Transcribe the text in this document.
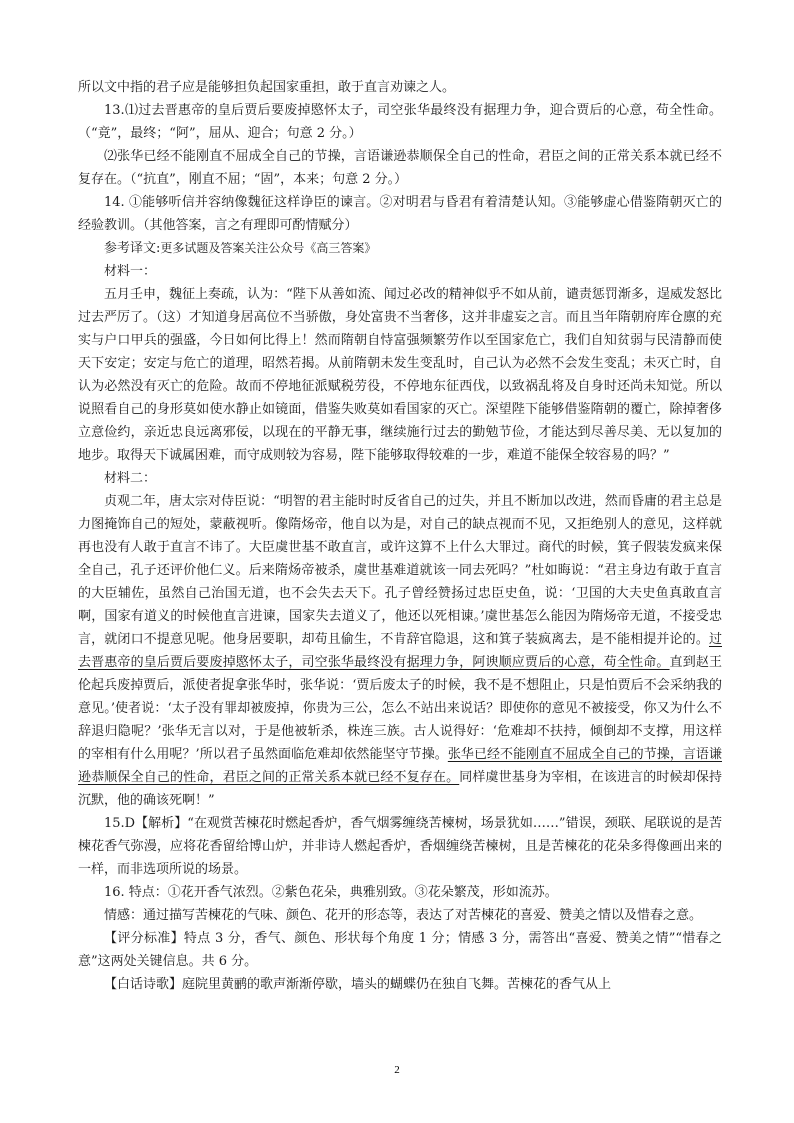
所以文中指的君子应是能够担负起国家重担，敢于直言劝谏之人。

13.⑴过去晋惠帝的皇后贾后要废掉愍怀太子，司空张华最终没有据理力争，迎合贾后的心意，苟全性命。（“竟”，最终；“阿”，屈从、迎合；句意 2 分。）

⑵张华已经不能刚直不屈成全自己的节操，言语谦逊恭顺保全自己的性命，君臣之间的正常关系本就已经不复存在。（“抗直”，刚直不屈；“固”，本来；句意 2 分。）

14. ①能够听信并容纳像魏征这样诤臣的谏言。②对明君与昏君有着清楚认知。③能够虚心借鉴隋朝灭亡的经验教训。（其他答案，言之有理即可酌情赋分）

参考译文:更多试题及答案关注公众号《高三答案》

材料一：

五月壬申，魏征上奏疏，认为：“陛下从善如流、闻过必改的精神似乎不如从前，谴责惩罚渐多，逞威发怒比过去严厉了。（这）才知道身居高位不当骄傲，身处富贵不当奢侈，这并非虚妄之言。而且当年隋朝府库仓廪的充实与户口甲兵的强盛，今日如何比得上！然而隋朝自恃富强频繁劳作以至国家危亡，我们自知贫弱与民清静而使天下安定；安定与危亡的道理，昭然若揭。从前隋朝未发生变乱时，自己认为必然不会发生变乱；未灭亡时，自认为必然没有灭亡的危险。故而不停地征派赋税劳役，不停地东征西伐，以致祸乱将及自身时还尚未知觉。所以说照看自己的身形莫如使水静止如镜面，借鉴失败莫如看国家的灭亡。深望陛下能够借鉴隋朝的覆亡，除掉奢侈立意俭约，亲近忠良远离邪佞，以现在的平静无事，继续施行过去的勤勉节俭，才能达到尽善尽美、无以复加的地步。取得天下诚属困难，而守成则较为容易，陛下能够取得较难的一步，难道不能保全较容易的吗？”

材料二：

贞观二年，唐太宗对侍臣说：“明智的君主能时时反省自己的过失，并且不断加以改进，然而昏庸的君主总是力图掩饰自己的短处，蒙蔽视听。像隋炀帝，他自以为是，对自己的缺点视而不见，又拒绝别人的意见，这样就再也没有人敢于直言不讳了。大臣虞世基不敢直言，或许这算不上什么大罪过。商代的时候，箕子假装发疯来保全自己，孔子还评价他仁义。后来隋炀帝被杀，虞世基难道就该一同去死吗？”杜如晦说：“君主身边有敢于直言的大臣辅佐，虽然自己治国无道，也不会失去天下。孔子曾经赞扬过忠臣史鱼，说：‘卫国的大夫史鱼真敢直言啊，国家有道义的时候他直言进谏，国家失去道义了，他还以死相谏。’虞世基怎么能因为隋炀帝无道，不接受忠言，就闭口不提意见呢。他身居要职，却苟且偷生，不肯辞官隐退，这和箕子装疯离去，是不能相提并论的。过去晋惠帝的皇后贾后要废掉愍怀太子，司空张华最终没有据理力争，阿谀顺应贾后的心意，苟全性命。直到赵王伦起兵废掉贾后，派使者捉拿张华时，张华说：‘贾后废太子的时候，我不是不想阻止，只是怕贾后不会采纳我的意见。’使者说：‘太子没有罪却被废掉，你贵为三公，怎么不站出来说话？即使你的意见不被接受，你又为什么不辞退归隐呢？’张华无言以对，于是他被斩杀，株连三族。古人说得好：‘危难却不扶持，倾倒却不支撑，用这样的宰相有什么用呢？’所以君子虽然面临危难却依然能坚守节操。张华已经不能刚直不屈成全自己的节操，言语谦逊恭顺保全自己的性命，君臣之间的正常关系本就已经不复存在。同样虞世基身为宰相，在该进言的时候却保持沉默，他的确该死啊！”

15.D【解析】“在观赏苦楝花时燃起香炉，香气烟雾缠绕苦楝树，场景犹如……”错误，颈联、尾联说的是苦楝花香气弥漫，应将花香留给博山炉，并非诗人燃起香炉，香烟缠绕苦楝树，且是苦楝花的花朵多得像画出来的一样，而非选项所说的场景。

16. 特点：①花开香气浓烈。②紫色花朵，典雅别致。③花朵繁茂，形如流苏。

情感：通过描写苦楝花的气味、颜色、花开的形态等，表达了对苦楝花的喜爱、赞美之情以及惜春之意。

【评分标准】特点 3 分，香气、颜色、形状每个角度 1 分；情感 3 分，需答出“喜爱、赞美之情”“惜春之意”这两处关键信息。共 6 分。

【白话诗歌】庭院里黄鹂的歌声渐渐停歇，墙头的蝴蝶仍在独自飞舞。苦楝花的香气从上

2
